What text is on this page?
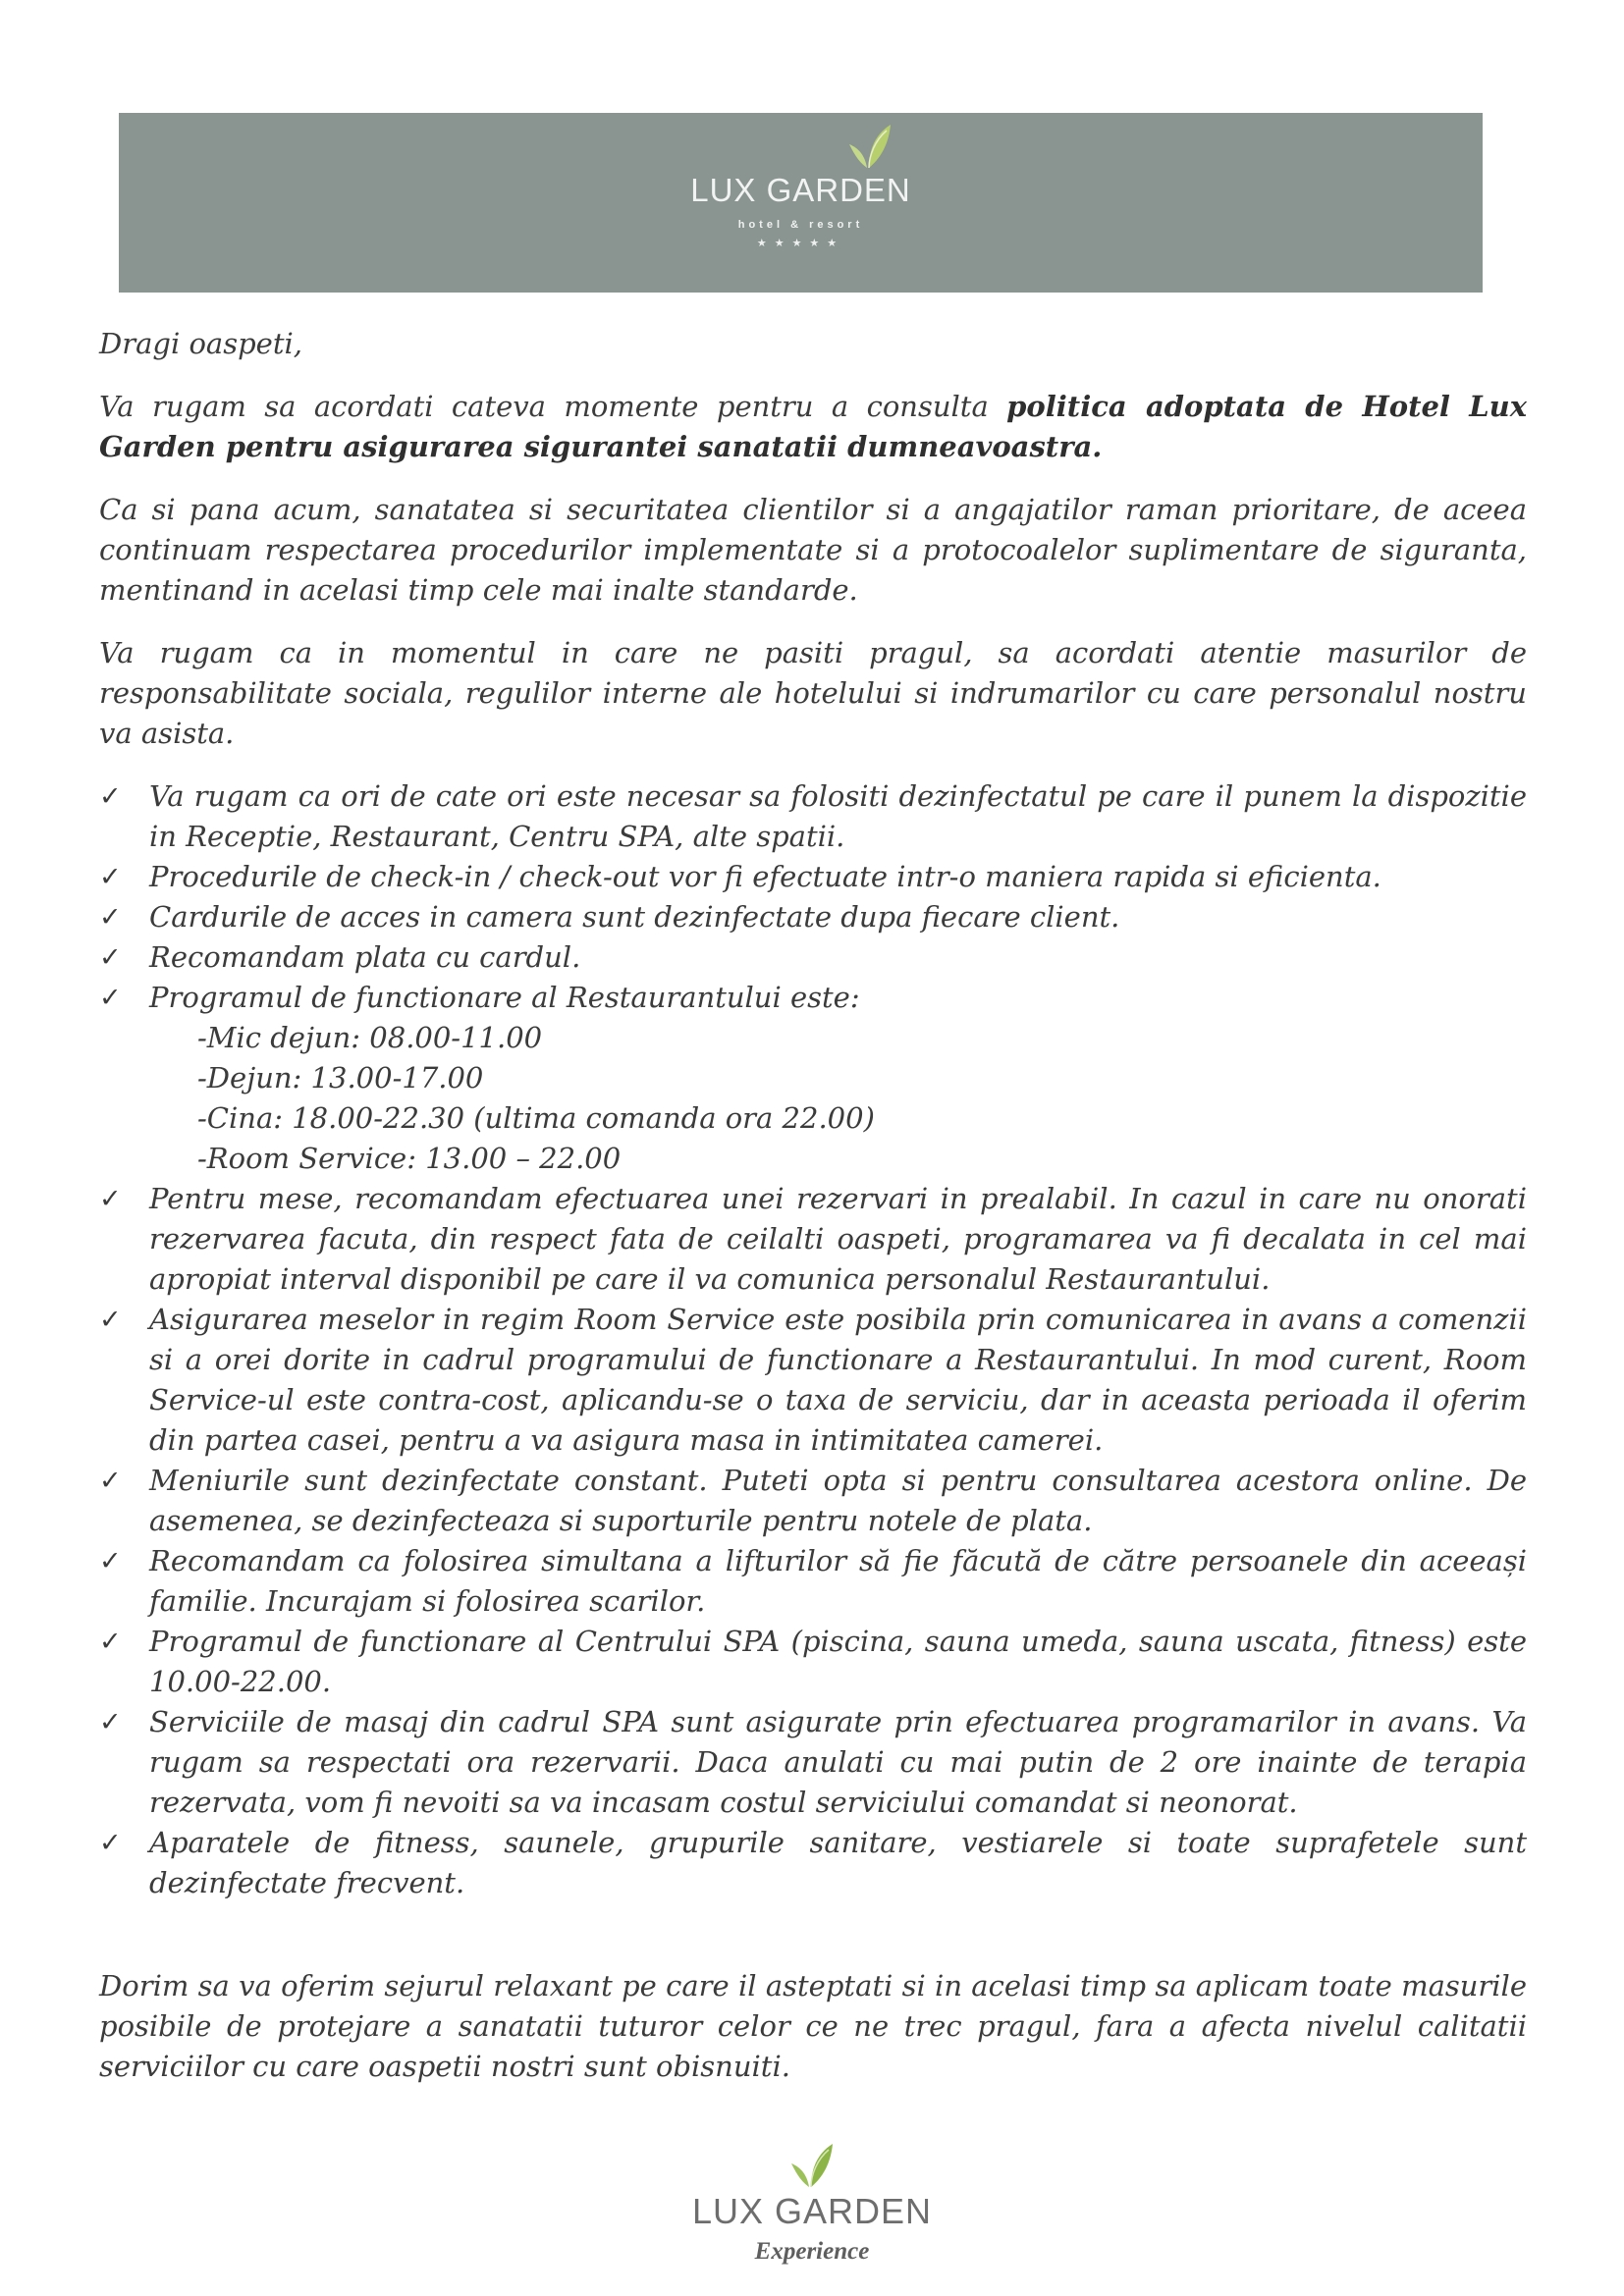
LUX GARDEN
hotel & resort
★★★★★

Dragi oaspeti,

Va rugam sa acordati cateva momente pentru a consulta politica adoptata de Hotel Lux Garden pentru asigurarea sigurantei sanatatii dumneavoastra.

Ca si pana acum, sanatatea si securitatea clientilor si a angajatilor raman prioritare, de aceea continuam respectarea procedurilor implementate si a protocoalelor suplimentare de siguranta, mentinand in acelasi timp cele mai inalte standarde.

Va rugam ca in momentul in care ne pasiti pragul, sa acordati atentie masurilor de responsabilitate sociala, regulilor interne ale hotelului si indrumarilor cu care personalul nostru va asista.

✓ Va rugam ca ori de cate ori este necesar sa folositi dezinfectatul pe care il punem la dispozitie in Receptie, Restaurant, Centru SPA, alte spatii.
✓ Procedurile de check-in / check-out vor fi efectuate intr-o maniera rapida si eficienta.
✓ Cardurile de acces in camera sunt dezinfectate dupa fiecare client.
✓ Recomandam plata cu cardul.
✓ Programul de functionare al Restaurantului este:
-Mic dejun: 08.00-11.00
-Dejun: 13.00-17.00
-Cina: 18.00-22.30 (ultima comanda ora 22.00)
-Room Service: 13.00 – 22.00
✓ Pentru mese, recomandam efectuarea unei rezervari in prealabil. In cazul in care nu onorati rezervarea facuta, din respect fata de ceilalti oaspeti, programarea va fi decalata in cel mai apropiat interval disponibil pe care il va comunica personalul Restaurantului.
✓ Asigurarea meselor in regim Room Service este posibila prin comunicarea in avans a comenzii si a orei dorite in cadrul programului de functionare a Restaurantului. In mod curent, Room Service-ul este contra-cost, aplicandu-se o taxa de serviciu, dar in aceasta perioada il oferim din partea casei, pentru a va asigura masa in intimitatea camerei.
✓ Meniurile sunt dezinfectate constant. Puteti opta si pentru consultarea acestora online. De asemenea, se dezinfecteaza si suporturile pentru notele de plata.
✓ Recomandam ca folosirea simultana a lifturilor să fie făcută de către persoanele din aceeași familie. Incurajam si folosirea scarilor.
✓ Programul de functionare al Centrului SPA (piscina, sauna umeda, sauna uscata, fitness) este 10.00-22.00.
✓ Serviciile de masaj din cadrul SPA sunt asigurate prin efectuarea programarilor in avans. Va rugam sa respectati ora rezervarii. Daca anulati cu mai putin de 2 ore inainte de terapia rezervata, vom fi nevoiti sa va incasam costul serviciului comandat si neonorat.
✓ Aparatele de fitness, saunele, grupurile sanitare, vestiarele si toate suprafetele sunt dezinfectate frecvent.

Dorim sa va oferim sejurul relaxant pe care il asteptati si in acelasi timp sa aplicam toate masurile posibile de protejare a sanatatii tuturor celor ce ne trec pragul, fara a afecta nivelul calitatii serviciilor cu care oaspetii nostri sunt obisnuiti.

LUX GARDEN
Experience
